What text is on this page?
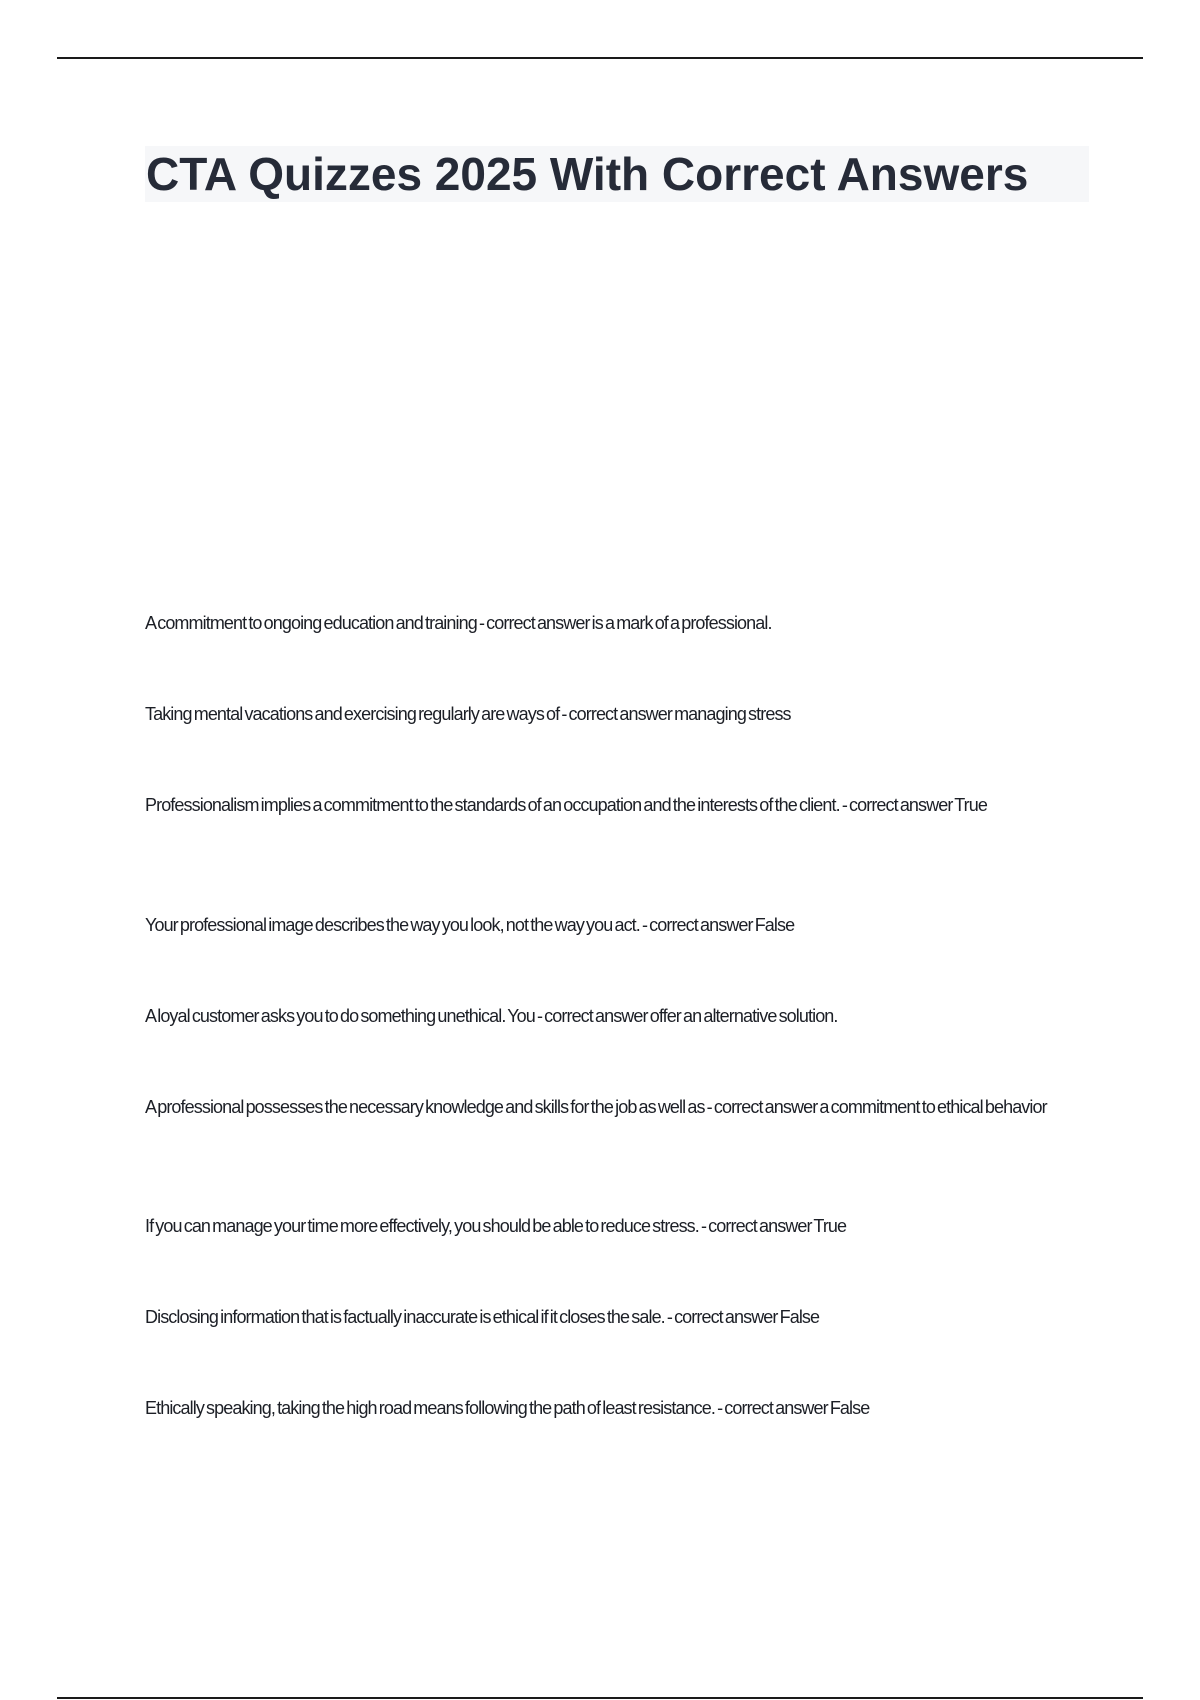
CTA Quizzes 2025 With Correct Answers

A commitment to ongoing education and training - correct answer is a mark of a professional.

Taking mental vacations and exercising regularly are ways of - correct answer managing stress

Professionalism implies a commitment to the standards of an occupation and the interests of the client. - correct answer True

Your professional image describes the way you look, not the way you act. - correct answer False

A loyal customer asks you to do something unethical. You - correct answer offer an alternative solution.

A professional possesses the necessary knowledge and skills for the job as well as - correct answer a commitment to ethical behavior

If you can manage your time more effectively, you should be able to reduce stress. - correct answer True

Disclosing information that is factually inaccurate is ethical if it closes the sale. - correct answer False

Ethically speaking, taking the high road means following the path of least resistance. - correct answer False
